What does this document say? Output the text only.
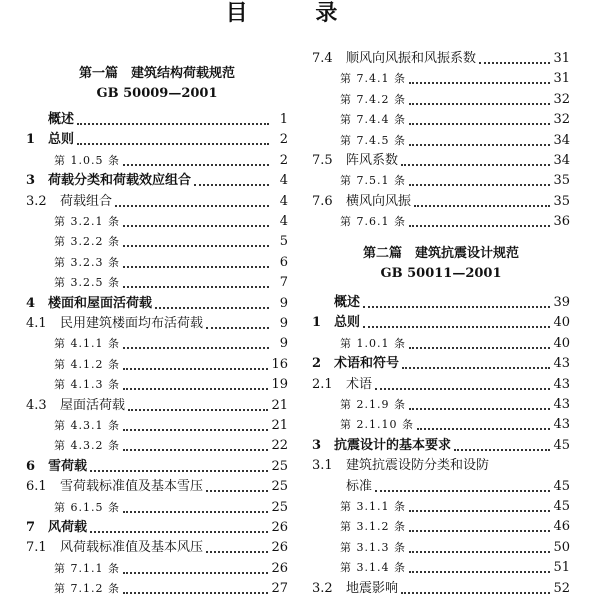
目 录
第一篇　建筑结构荷载规范
GB 50009—2001
概述	1
1 总则	2
第 1.0.5 条	2
3 荷载分类和荷载效应组合	4
3.2 荷载组合	4
第 3.2.1 条	4
第 3.2.2 条	5
第 3.2.3 条	6
第 3.2.5 条	7
4 楼面和屋面活荷载	9
4.1 民用建筑楼面均布活荷载	9
第 4.1.1 条	9
第 4.1.2 条	16
第 4.1.3 条	19
4.3 屋面活荷载	21
第 4.3.1 条	21
第 4.3.2 条	22
6 雪荷载	25
6.1 雪荷载标准值及基本雪压	25
第 6.1.5 条	25
7 风荷载	26
7.1 风荷载标准值及基本风压	26
第 7.1.1 条	26
第 7.1.2 条	27
第二篇　建筑抗震设计规范
GB 50011—2001
7.4 顺风向风振和风振系数	31
第 7.4.1 条	31
第 7.4.2 条	32
第 7.4.4 条	32
第 7.4.5 条	34
7.5 阵风系数	34
第 7.5.1 条	35
7.6 横风向风振	35
第 7.6.1 条	36
概述	39
1 总则	40
第 1.0.1 条	40
2 术语和符号	43
2.1 术语	43
第 2.1.9 条	43
第 2.1.10 条	43
3 抗震设计的基本要求	45
3.1 建筑抗震设防分类和设防
标准	45
第 3.1.1 条	45
第 3.1.2 条	46
第 3.1.3 条	50
第 3.1.4 条	51
3.2 地震影响	52
